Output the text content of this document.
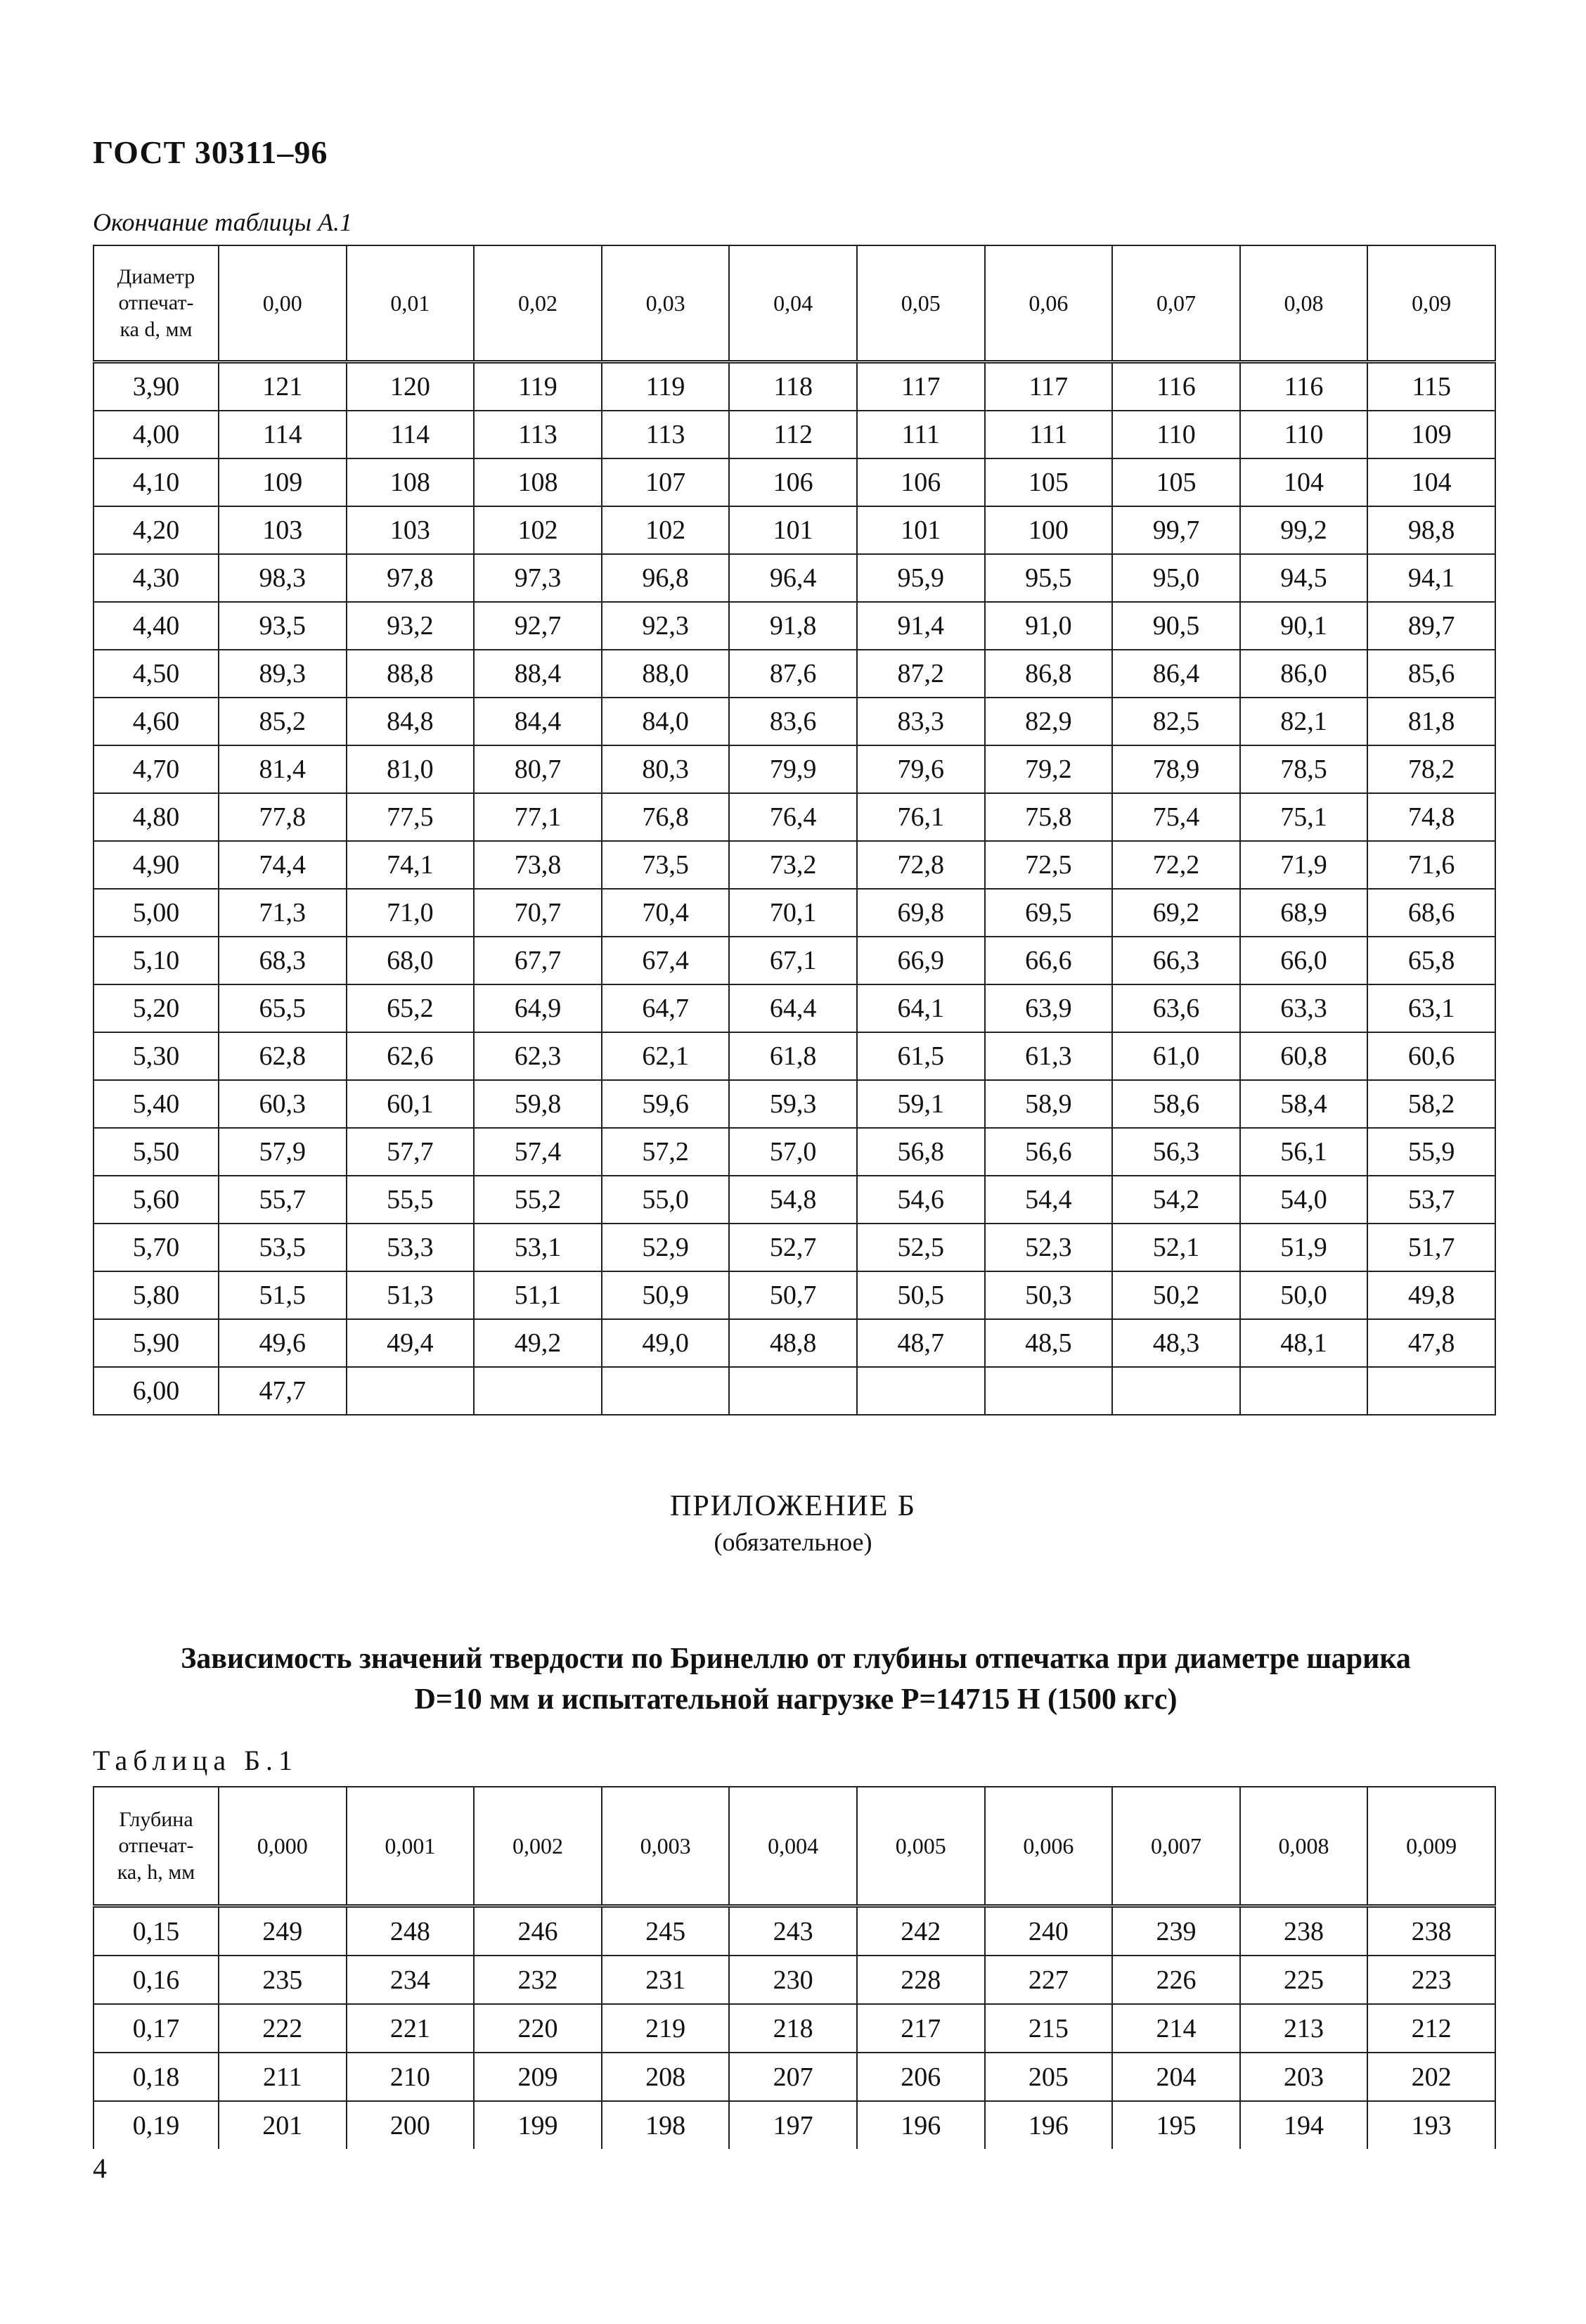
ГОСТ 30311–96
Окончание таблицы А.1
Диаметр
отпечат-
ка d, мм	0,00	0,01	0,02	0,03	0,04	0,05	0,06	0,07	0,08	0,09
3,90	121	120	119	119	118	117	117	116	116	115
4,00	114	114	113	113	112	111	111	110	110	109
4,10	109	108	108	107	106	106	105	105	104	104
4,20	103	103	102	102	101	101	100	99,7	99,2	98,8
4,30	98,3	97,8	97,3	96,8	96,4	95,9	95,5	95,0	94,5	94,1
4,40	93,5	93,2	92,7	92,3	91,8	91,4	91,0	90,5	90,1	89,7
4,50	89,3	88,8	88,4	88,0	87,6	87,2	86,8	86,4	86,0	85,6
4,60	85,2	84,8	84,4	84,0	83,6	83,3	82,9	82,5	82,1	81,8
4,70	81,4	81,0	80,7	80,3	79,9	79,6	79,2	78,9	78,5	78,2
4,80	77,8	77,5	77,1	76,8	76,4	76,1	75,8	75,4	75,1	74,8
4,90	74,4	74,1	73,8	73,5	73,2	72,8	72,5	72,2	71,9	71,6
5,00	71,3	71,0	70,7	70,4	70,1	69,8	69,5	69,2	68,9	68,6
5,10	68,3	68,0	67,7	67,4	67,1	66,9	66,6	66,3	66,0	65,8
5,20	65,5	65,2	64,9	64,7	64,4	64,1	63,9	63,6	63,3	63,1
5,30	62,8	62,6	62,3	62,1	61,8	61,5	61,3	61,0	60,8	60,6
5,40	60,3	60,1	59,8	59,6	59,3	59,1	58,9	58,6	58,4	58,2
5,50	57,9	57,7	57,4	57,2	57,0	56,8	56,6	56,3	56,1	55,9
5,60	55,7	55,5	55,2	55,0	54,8	54,6	54,4	54,2	54,0	53,7
5,70	53,5	53,3	53,1	52,9	52,7	52,5	52,3	52,1	51,9	51,7
5,80	51,5	51,3	51,1	50,9	50,7	50,5	50,3	50,2	50,0	49,8
5,90	49,6	49,4	49,2	49,0	48,8	48,7	48,5	48,3	48,1	47,8
6,00	47,7									
ПРИЛОЖЕНИЕ Б
(обязательное)
Зависимость значений твердости по Бринеллю от глубины отпечатка при диаметре шарика
D=10 мм и испытательной нагрузке P=14715 Н (1500 кгс)
Таблица Б.1
Глубина
отпечат-
ка, h, мм	0,000	0,001	0,002	0,003	0,004	0,005	0,006	0,007	0,008	0,009
0,15	249	248	246	245	243	242	240	239	238	238
0,16	235	234	232	231	230	228	227	226	225	223
0,17	222	221	220	219	218	217	215	214	213	212
0,18	211	210	209	208	207	206	205	204	203	202
0,19	201	200	199	198	197	196	196	195	194	193
4
